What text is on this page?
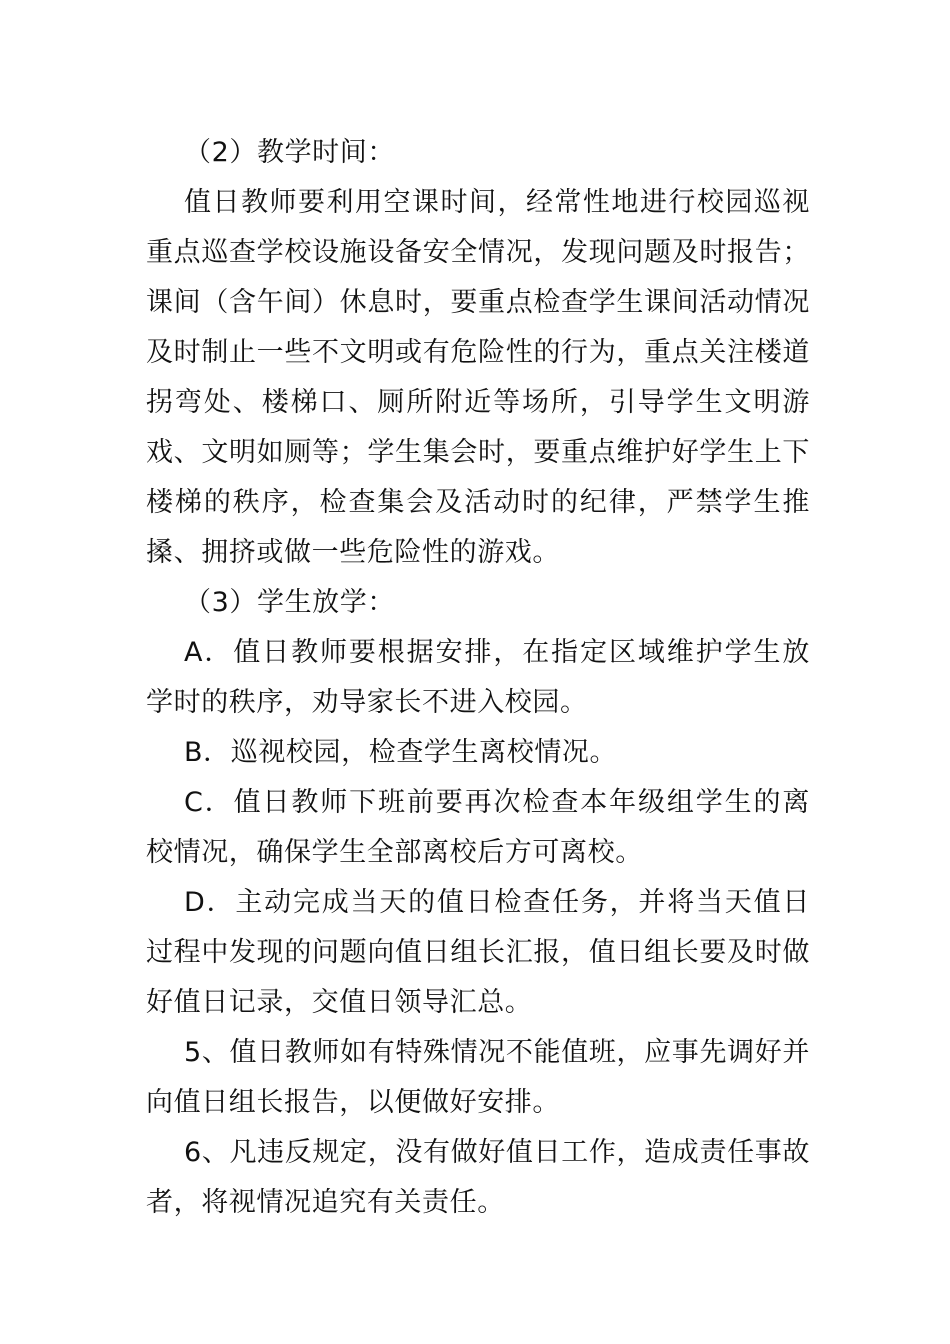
（2）教学时间：

值日教师要利用空课时间，经常性地进行校园巡视重点巡查学校设施设备安全情况，发现问题及时报告；课间（含午间）休息时，要重点检查学生课间活动情况及时制止一些不文明或有危险性的行为，重点关注楼道拐弯处、楼梯口、厕所附近等场所，引导学生文明游戏、文明如厕等；学生集会时，要重点维护好学生上下楼梯的秩序，检查集会及活动时的纪律，严禁学生推搡、拥挤或做一些危险性的游戏。

（3）学生放学：

A．值日教师要根据安排，在指定区域维护学生放学时的秩序，劝导家长不进入校园。

B．巡视校园，检查学生离校情况。

C．值日教师下班前要再次检查本年级组学生的离校情况，确保学生全部离校后方可离校。

D．主动完成当天的值日检查任务，并将当天值日过程中发现的问题向值日组长汇报，值日组长要及时做好值日记录，交值日领导汇总。

5、值日教师如有特殊情况不能值班，应事先调好并向值日组长报告，以便做好安排。

6、凡违反规定，没有做好值日工作，造成责任事故者，将视情况追究有关责任。
